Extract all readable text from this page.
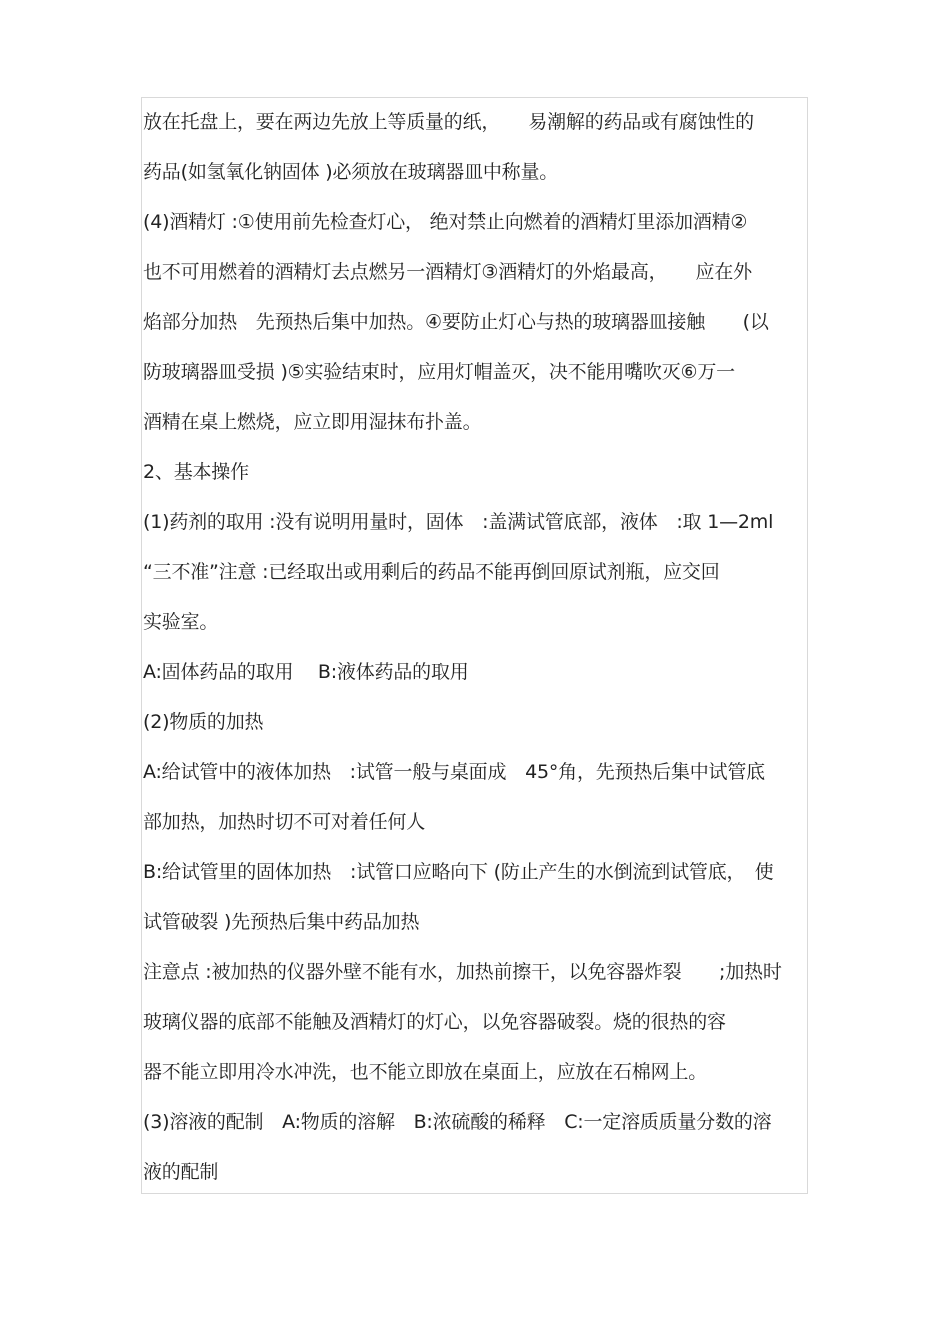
放在托盘上，要在两边先放上等质量的纸，　　易潮解的药品或有腐蚀性的
药品(如氢氧化钠固体 )必须放在玻璃器皿中称量。
(4)酒精灯 :①使用前先检查灯心， 绝对禁止向燃着的酒精灯里添加酒精②
也不可用燃着的酒精灯去点燃另一酒精灯③酒精灯的外焰最高，　　应在外
焰部分加热　先预热后集中加热。④要防止灯心与热的玻璃器皿接触　　(以
防玻璃器皿受损 )⑤实验结束时，应用灯帽盖灭，决不能用嘴吹灭⑥万一
酒精在桌上燃烧，应立即用湿抹布扑盖。
2、基本操作
(1)药剂的取用 :没有说明用量时，固体　:盖满试管底部，液体　:取 1—2ml
“三不准”注意 :已经取出或用剩后的药品不能再倒回原试剂瓶，应交回
实验室。
A:固体药品的取用　 B:液体药品的取用
(2)物质的加热
A:给试管中的液体加热　:试管一般与桌面成　45°角，先预热后集中试管底
部加热，加热时切不可对着任何人
B:给试管里的固体加热　:试管口应略向下 (防止产生的水倒流到试管底，　使
试管破裂 )先预热后集中药品加热
注意点 :被加热的仪器外壁不能有水，加热前擦干，以免容器炸裂　　;加热时
玻璃仪器的底部不能触及酒精灯的灯心，以免容器破裂。烧的很热的容
器不能立即用冷水冲洗，也不能立即放在桌面上，应放在石棉网上。
(3)溶液的配制　A:物质的溶解　B:浓硫酸的稀释　C:一定溶质质量分数的溶
液的配制
